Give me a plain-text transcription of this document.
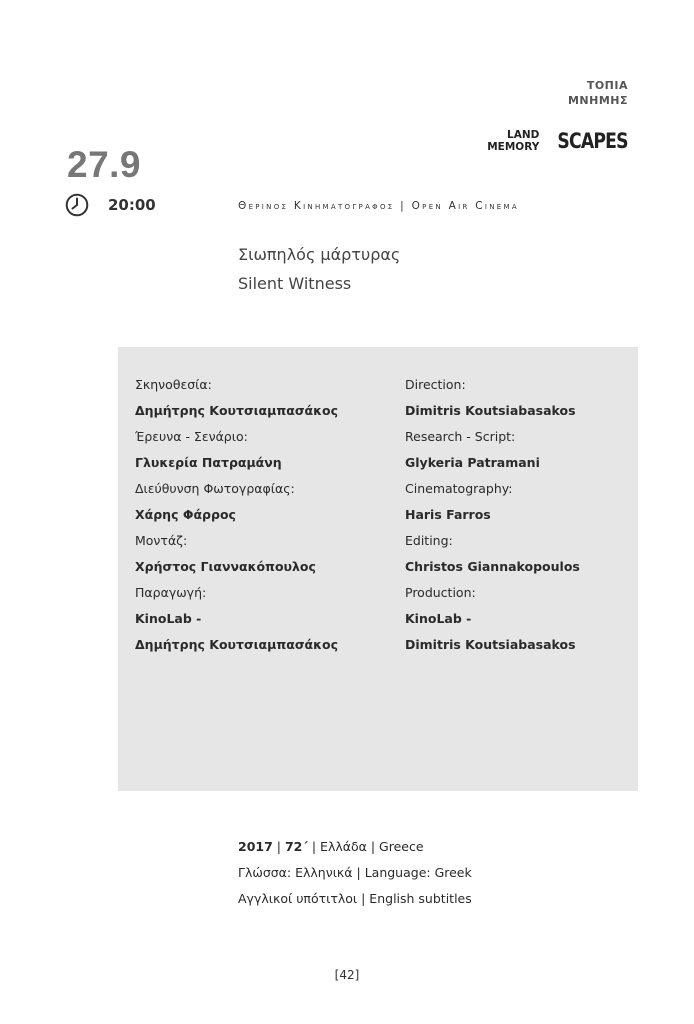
ΤΟΠΙΑ
ΜΝΗΜΗΣ
LAND
MEMORY SCAPES
27.9
20:00	Θερινος Κινηματογραφος | Open Air Cinema
Σιωπηλός μάρτυρας
Silent Witness
Σκηνοθεσία:
Δημήτρης Κουτσιαμπασάκος
Έρευνα - Σενάριο:
Γλυκερία Πατραμάνη
Διεύθυνση Φωτογραφίας:
Χάρης Φάρρος
Μοντάζ:
Χρήστος Γιαννακόπουλος
Παραγωγή:
KinoLab -
Δημήτρης Κουτσιαμπασάκος
Direction:
Dimitris Koutsiabasakos
Research - Script:
Glykeria Patramani
Cinematography:
Haris Farros
Editing:
Christos Giannakopoulos
Production:
KinoLab -
Dimitris Koutsiabasakos
2017 | 72΄ | Ελλάδα | Greece
Γλώσσα: Ελληνικά | Language: Greek
Αγγλικοί υπότιτλοι | English subtitles
[42]
